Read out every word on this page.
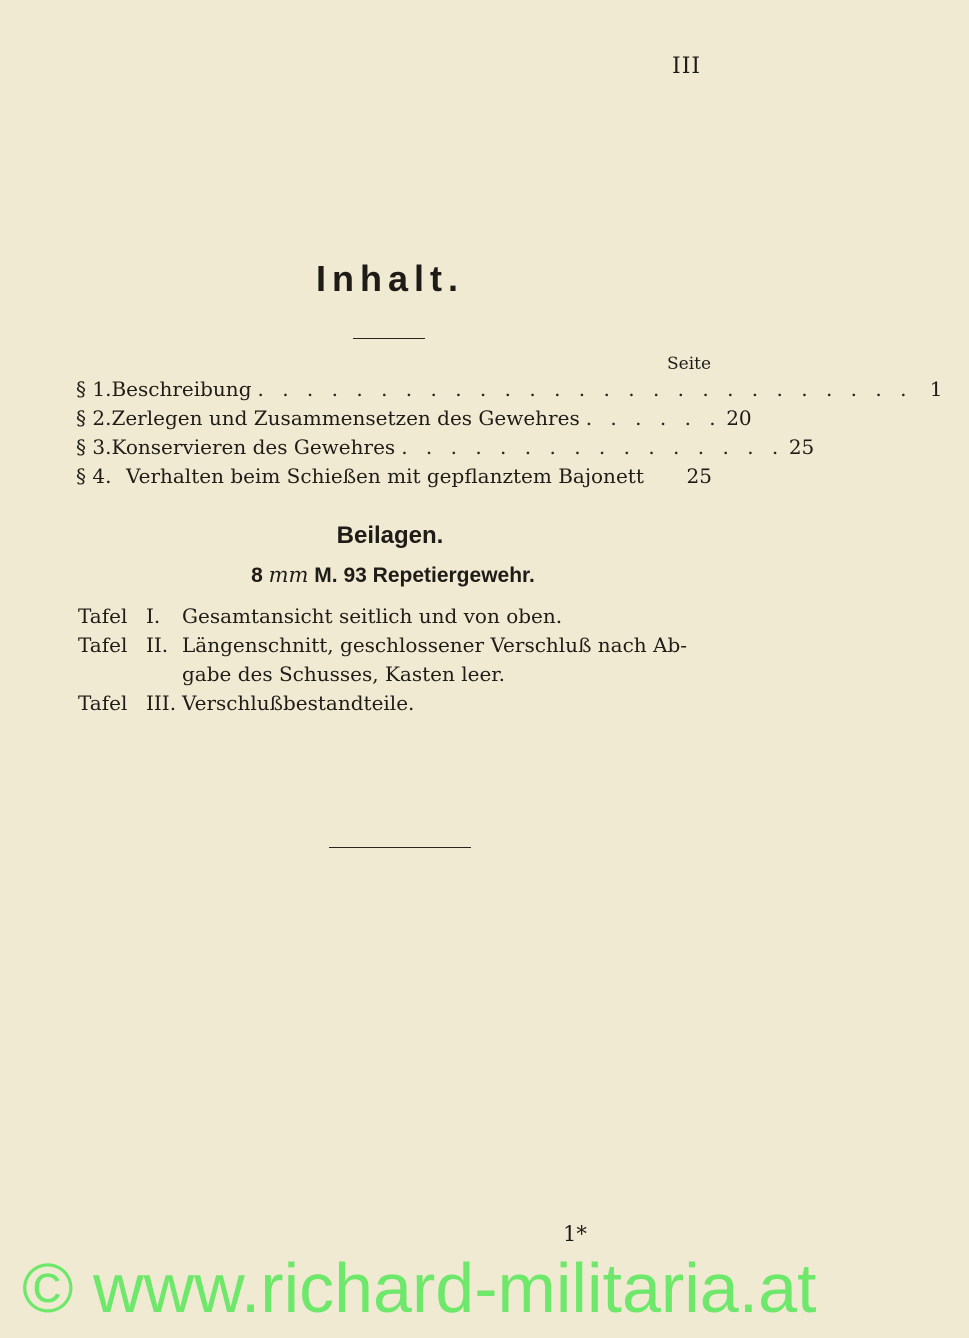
III
Inhalt.
Seite
§ 1. Beschreibung . . . . . . . . . . . . . . . . . . . . . . . . . . . 1
§ 2. Zerlegen und Zusammensetzen des Gewehres . . . . . . 20
§ 3. Konservieren des Gewehres . . . . . . . . . . . . . . . . 25
§ 4. Verhalten beim Schießen mit gepflanztem Bajonett 25
Beilagen.
8 mm M. 93 Repetiergewehr.
Tafel I.	Gesamtansicht seitlich und von oben.
Tafel II. Längenschnitt, geschlossener Verschluß nach Ab-
gabe des Schusses, Kasten leer.
Tafel III. Verschlußbestandteile.
1*
© www.richard-militaria.at
